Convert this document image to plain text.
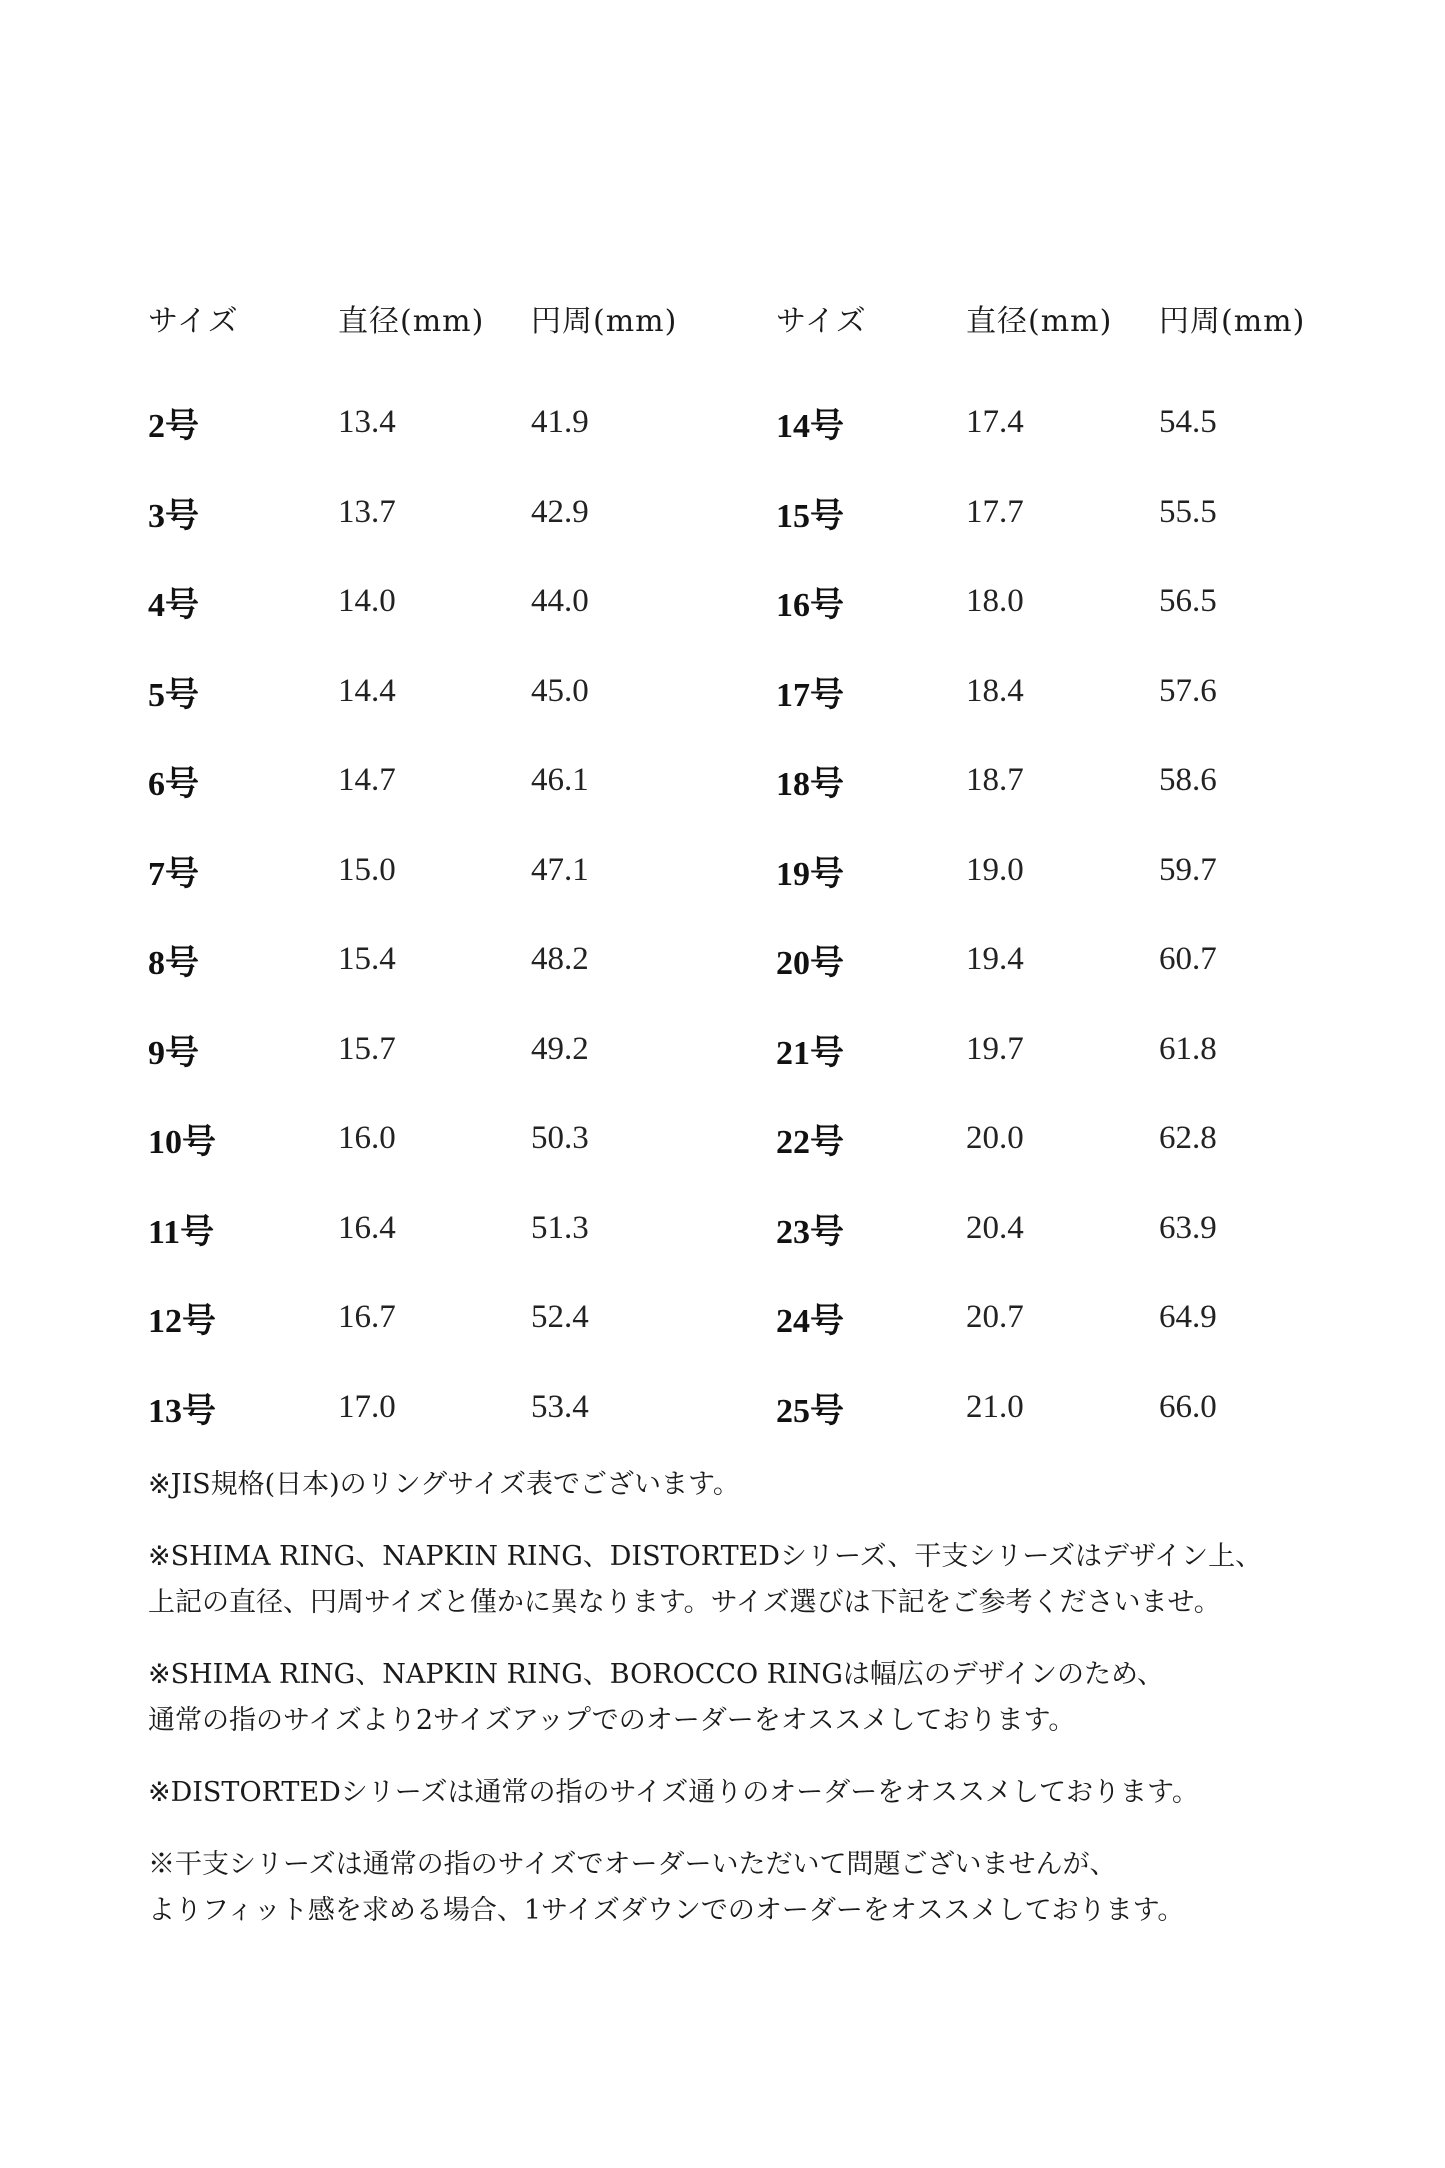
サイズ	直径(mm)	円周(mm)
2号	13.4	41.9
3号	13.7	42.9
4号	14.0	44.0
5号	14.4	45.0
6号	14.7	46.1
7号	15.0	47.1
8号	15.4	48.2
9号	15.7	49.2
10号	16.0	50.3
11号	16.4	51.3
12号	16.7	52.4
13号	17.0	53.4
サイズ	直径(mm)	円周(mm)
14号	17.4	54.5
15号	17.7	55.5
16号	18.0	56.5
17号	18.4	57.6
18号	18.7	58.6
19号	19.0	59.7
20号	19.4	60.7
21号	19.7	61.8
22号	20.0	62.8
23号	20.4	63.9
24号	20.7	64.9
25号	21.0	66.0
※JIS規格(日本)のリングサイズ表でございます。
※SHIMA RING、NAPKIN RING、DISTORTEDシリーズ、干支シリーズはデザイン上、
上記の直径、円周サイズと僅かに異なります。サイズ選びは下記をご参考くださいませ。
※SHIMA RING、NAPKIN RING、BOROCCO RINGは幅広のデザインのため、
通常の指のサイズより2サイズアップでのオーダーをオススメしております。
※DISTORTEDシリーズは通常の指のサイズ通りのオーダーをオススメしております。
※干支シリーズは通常の指のサイズでオーダーいただいて問題ございませんが、
よりフィット感を求める場合、1サイズダウンでのオーダーをオススメしております。
